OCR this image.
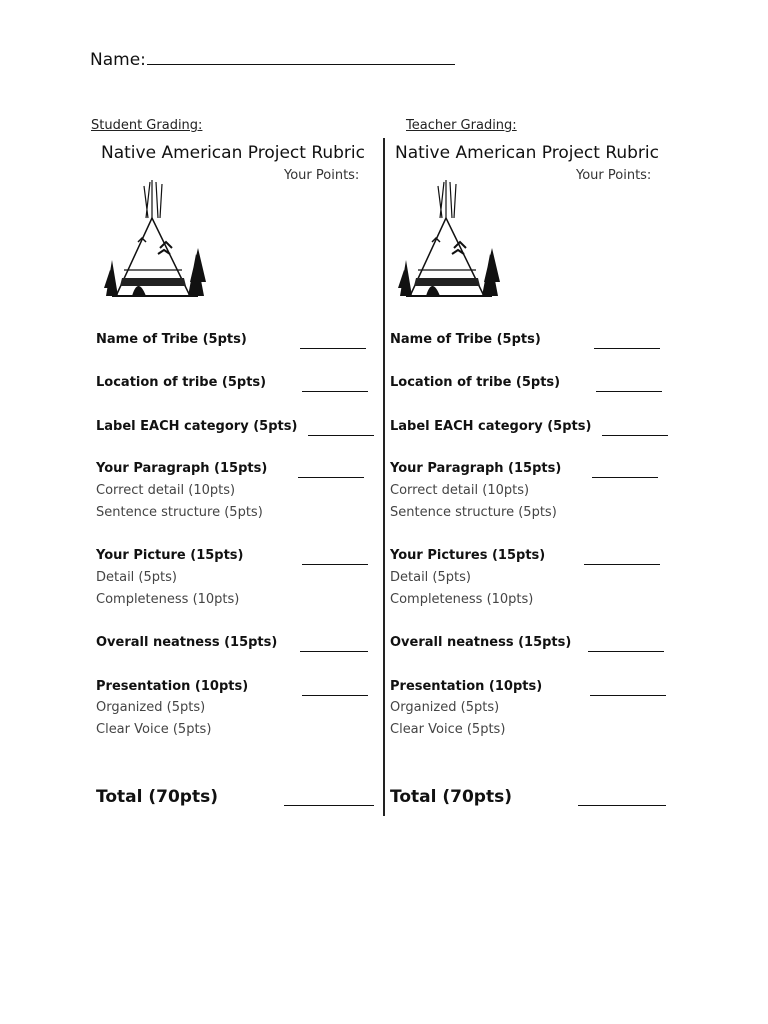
Name:
Student Grading:
Native American Project Rubric
Your Points:
Name of Tribe (5pts)
Location of tribe (5pts)
Label EACH category (5pts)
Your Paragraph (15pts)
Correct detail (10pts)
Sentence structure (5pts)
Your Picture (15pts)
Detail (5pts)
Completeness (10pts)
Overall neatness (15pts)
Presentation (10pts)
Organized (5pts)
Clear Voice (5pts)
Total (70pts)
Teacher Grading:
Native American Project Rubric
Your Points:
Name of Tribe (5pts)
Location of tribe (5pts)
Label EACH category (5pts)
Your Paragraph (15pts)
Correct detail (10pts)
Sentence structure (5pts)
Your Pictures (15pts)
Detail (5pts)
Completeness (10pts)
Overall neatness (15pts)
Presentation (10pts)
Organized (5pts)
Clear Voice (5pts)
Total (70pts)
